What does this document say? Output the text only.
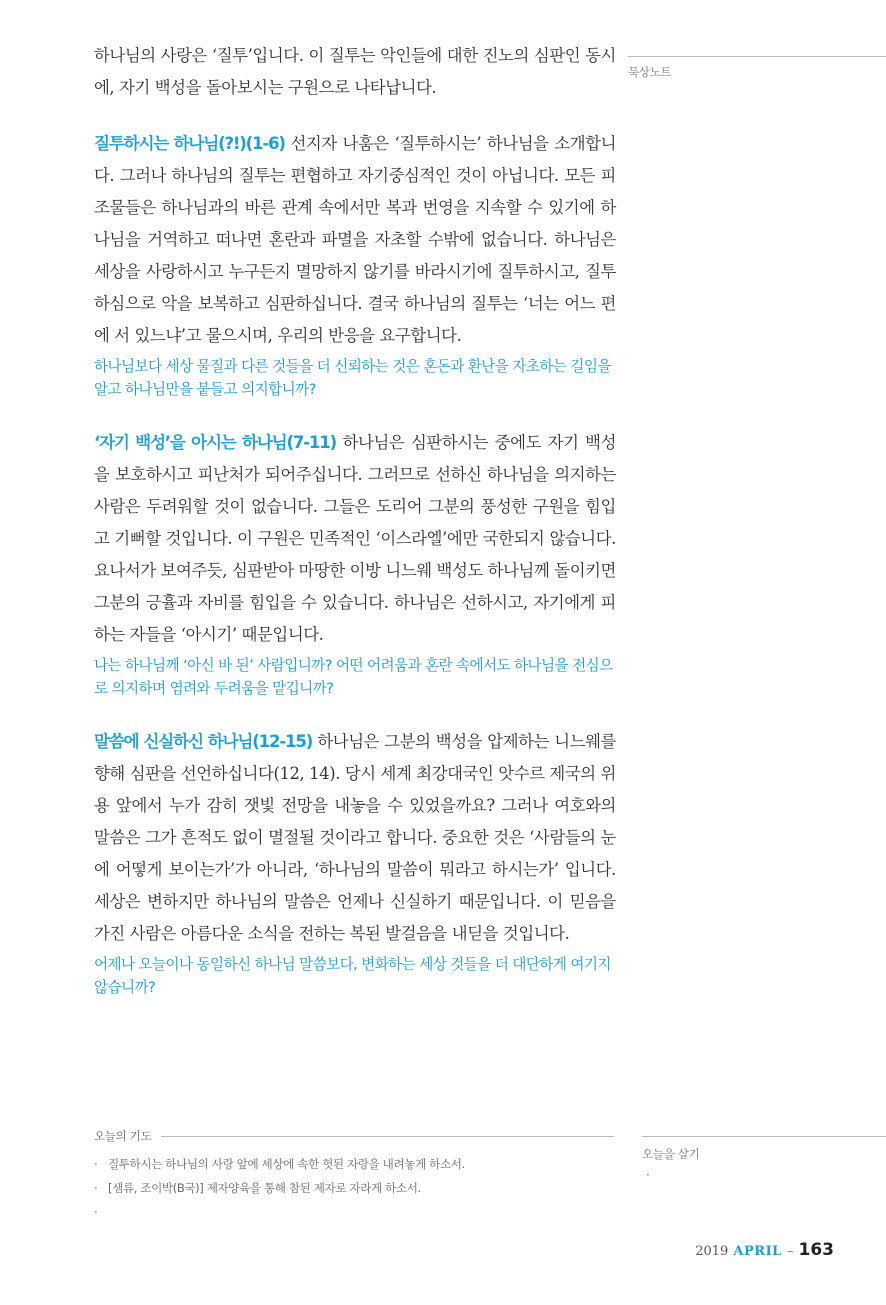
묵상노트

하나님의 사랑은 ‘질투’입니다. 이 질투는 악인들에 대한 진노의 심판인 동시에, 자기 백성을 돌아보시는 구원으로 나타납니다.

질투하시는 하나님(?!)(1-6) 선지자 나훔은 ‘질투하시는’ 하나님을 소개합니다. 그러나 하나님의 질투는 편협하고 자기중심적인 것이 아닙니다. 모든 피조물들은 하나님과의 바른 관계 속에서만 복과 번영을 지속할 수 있기에 하나님을 거역하고 떠나면 혼란과 파멸을 자초할 수밖에 없습니다. 하나님은 세상을 사랑하시고 누구든지 멸망하지 않기를 바라시기에 질투하시고, 질투하심으로 악을 보복하고 심판하십니다. 결국 하나님의 질투는 ‘너는 어느 편에 서 있느냐’고 물으시며, 우리의 반응을 요구합니다.

하나님보다 세상 물질과 다른 것들을 더 신뢰하는 것은 혼돈과 환난을 자초하는 길임을 알고 하나님만을 붙들고 의지합니까?

‘자기 백성’을 아시는 하나님(7-11) 하나님은 심판하시는 중에도 자기 백성을 보호하시고 피난처가 되어주십니다. 그러므로 선하신 하나님을 의지하는 사람은 두려워할 것이 없습니다. 그들은 도리어 그분의 풍성한 구원을 힘입고 기뻐할 것입니다. 이 구원은 민족적인 ‘이스라엘’에만 국한되지 않습니다. 요나서가 보여주듯, 심판받아 마땅한 이방 니느웨 백성도 하나님께 돌이키면 그분의 긍휼과 자비를 힘입을 수 있습니다. 하나님은 선하시고, 자기에게 피하는 자들을 ‘아시기’ 때문입니다.

나는 하나님께 ‘아신 바 된’ 사람입니까? 어떤 어려움과 혼란 속에서도 하나님을 전심으로 의지하며 염려와 두려움을 맡깁니까?

말씀에 신실하신 하나님(12-15) 하나님은 그분의 백성을 압제하는 니느웨를 향해 심판을 선언하십니다(12, 14). 당시 세계 최강대국인 앗수르 제국의 위용 앞에서 누가 감히 잿빛 전망을 내놓을 수 있었을까요? 그러나 여호와의 말씀은 그가 흔적도 없이 멸절될 것이라고 합니다. 중요한 것은 ‘사람들의 눈에 어떻게 보이는가’가 아니라, ‘하나님의 말씀이 뭐라고 하시는가’ 입니다. 세상은 변하지만 하나님의 말씀은 언제나 신실하기 때문입니다. 이 믿음을 가진 사람은 아름다운 소식을 전하는 복된 발걸음을 내딛을 것입니다.

어제나 오늘이나 동일하신 하나님 말씀보다, 변화하는 세상 것들을 더 대단하게 여기지 않습니까?

오늘의 기도
· 질투하시는 하나님의 사랑 앞에 세상에 속한 헛된 자랑을 내려놓게 하소서.
· [샘류, 조이박(B국)] 제자양육을 통해 참된 제자로 자라게 하소서.
·
오늘을 살기
·
2019 APRIL – 163
